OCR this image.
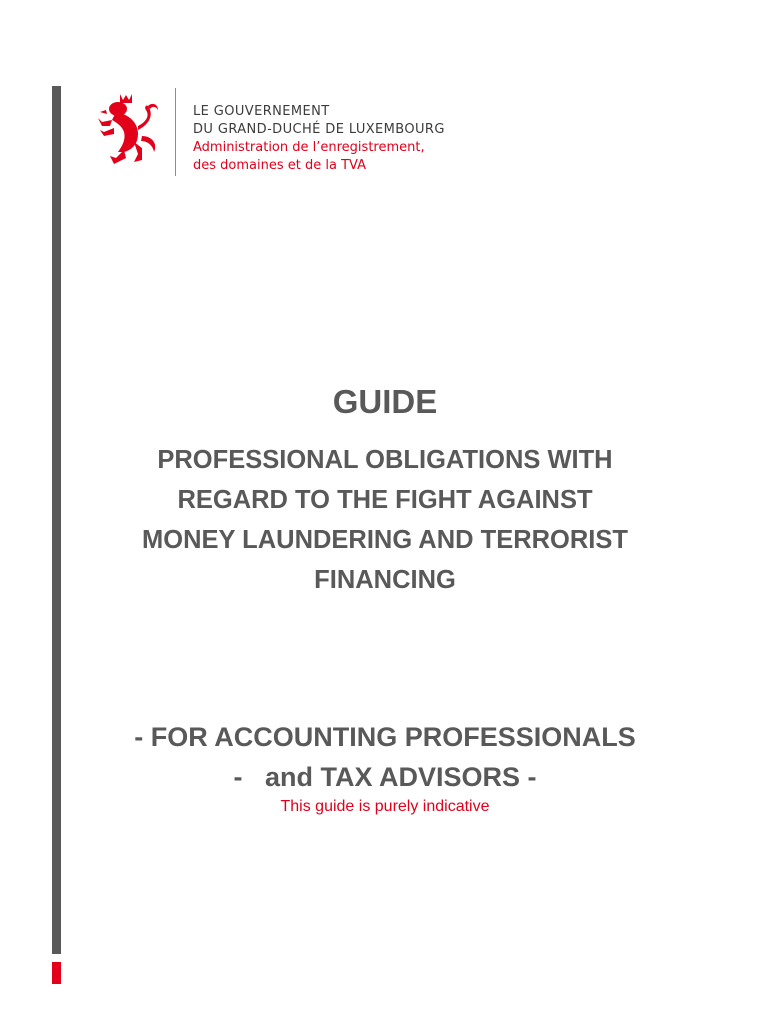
LE GOUVERNEMENT
DU GRAND-DUCHÉ DE LUXEMBOURG
Administration de l’enregistrement,
des domaines et de la TVA
GUIDE
PROFESSIONAL OBLIGATIONS WITH
REGARD TO THE FIGHT AGAINST
MONEY LAUNDERING AND TERRORIST
FINANCING
- FOR ACCOUNTING PROFESSIONALS
-   and TAX ADVISORS -
This guide is purely indicative
